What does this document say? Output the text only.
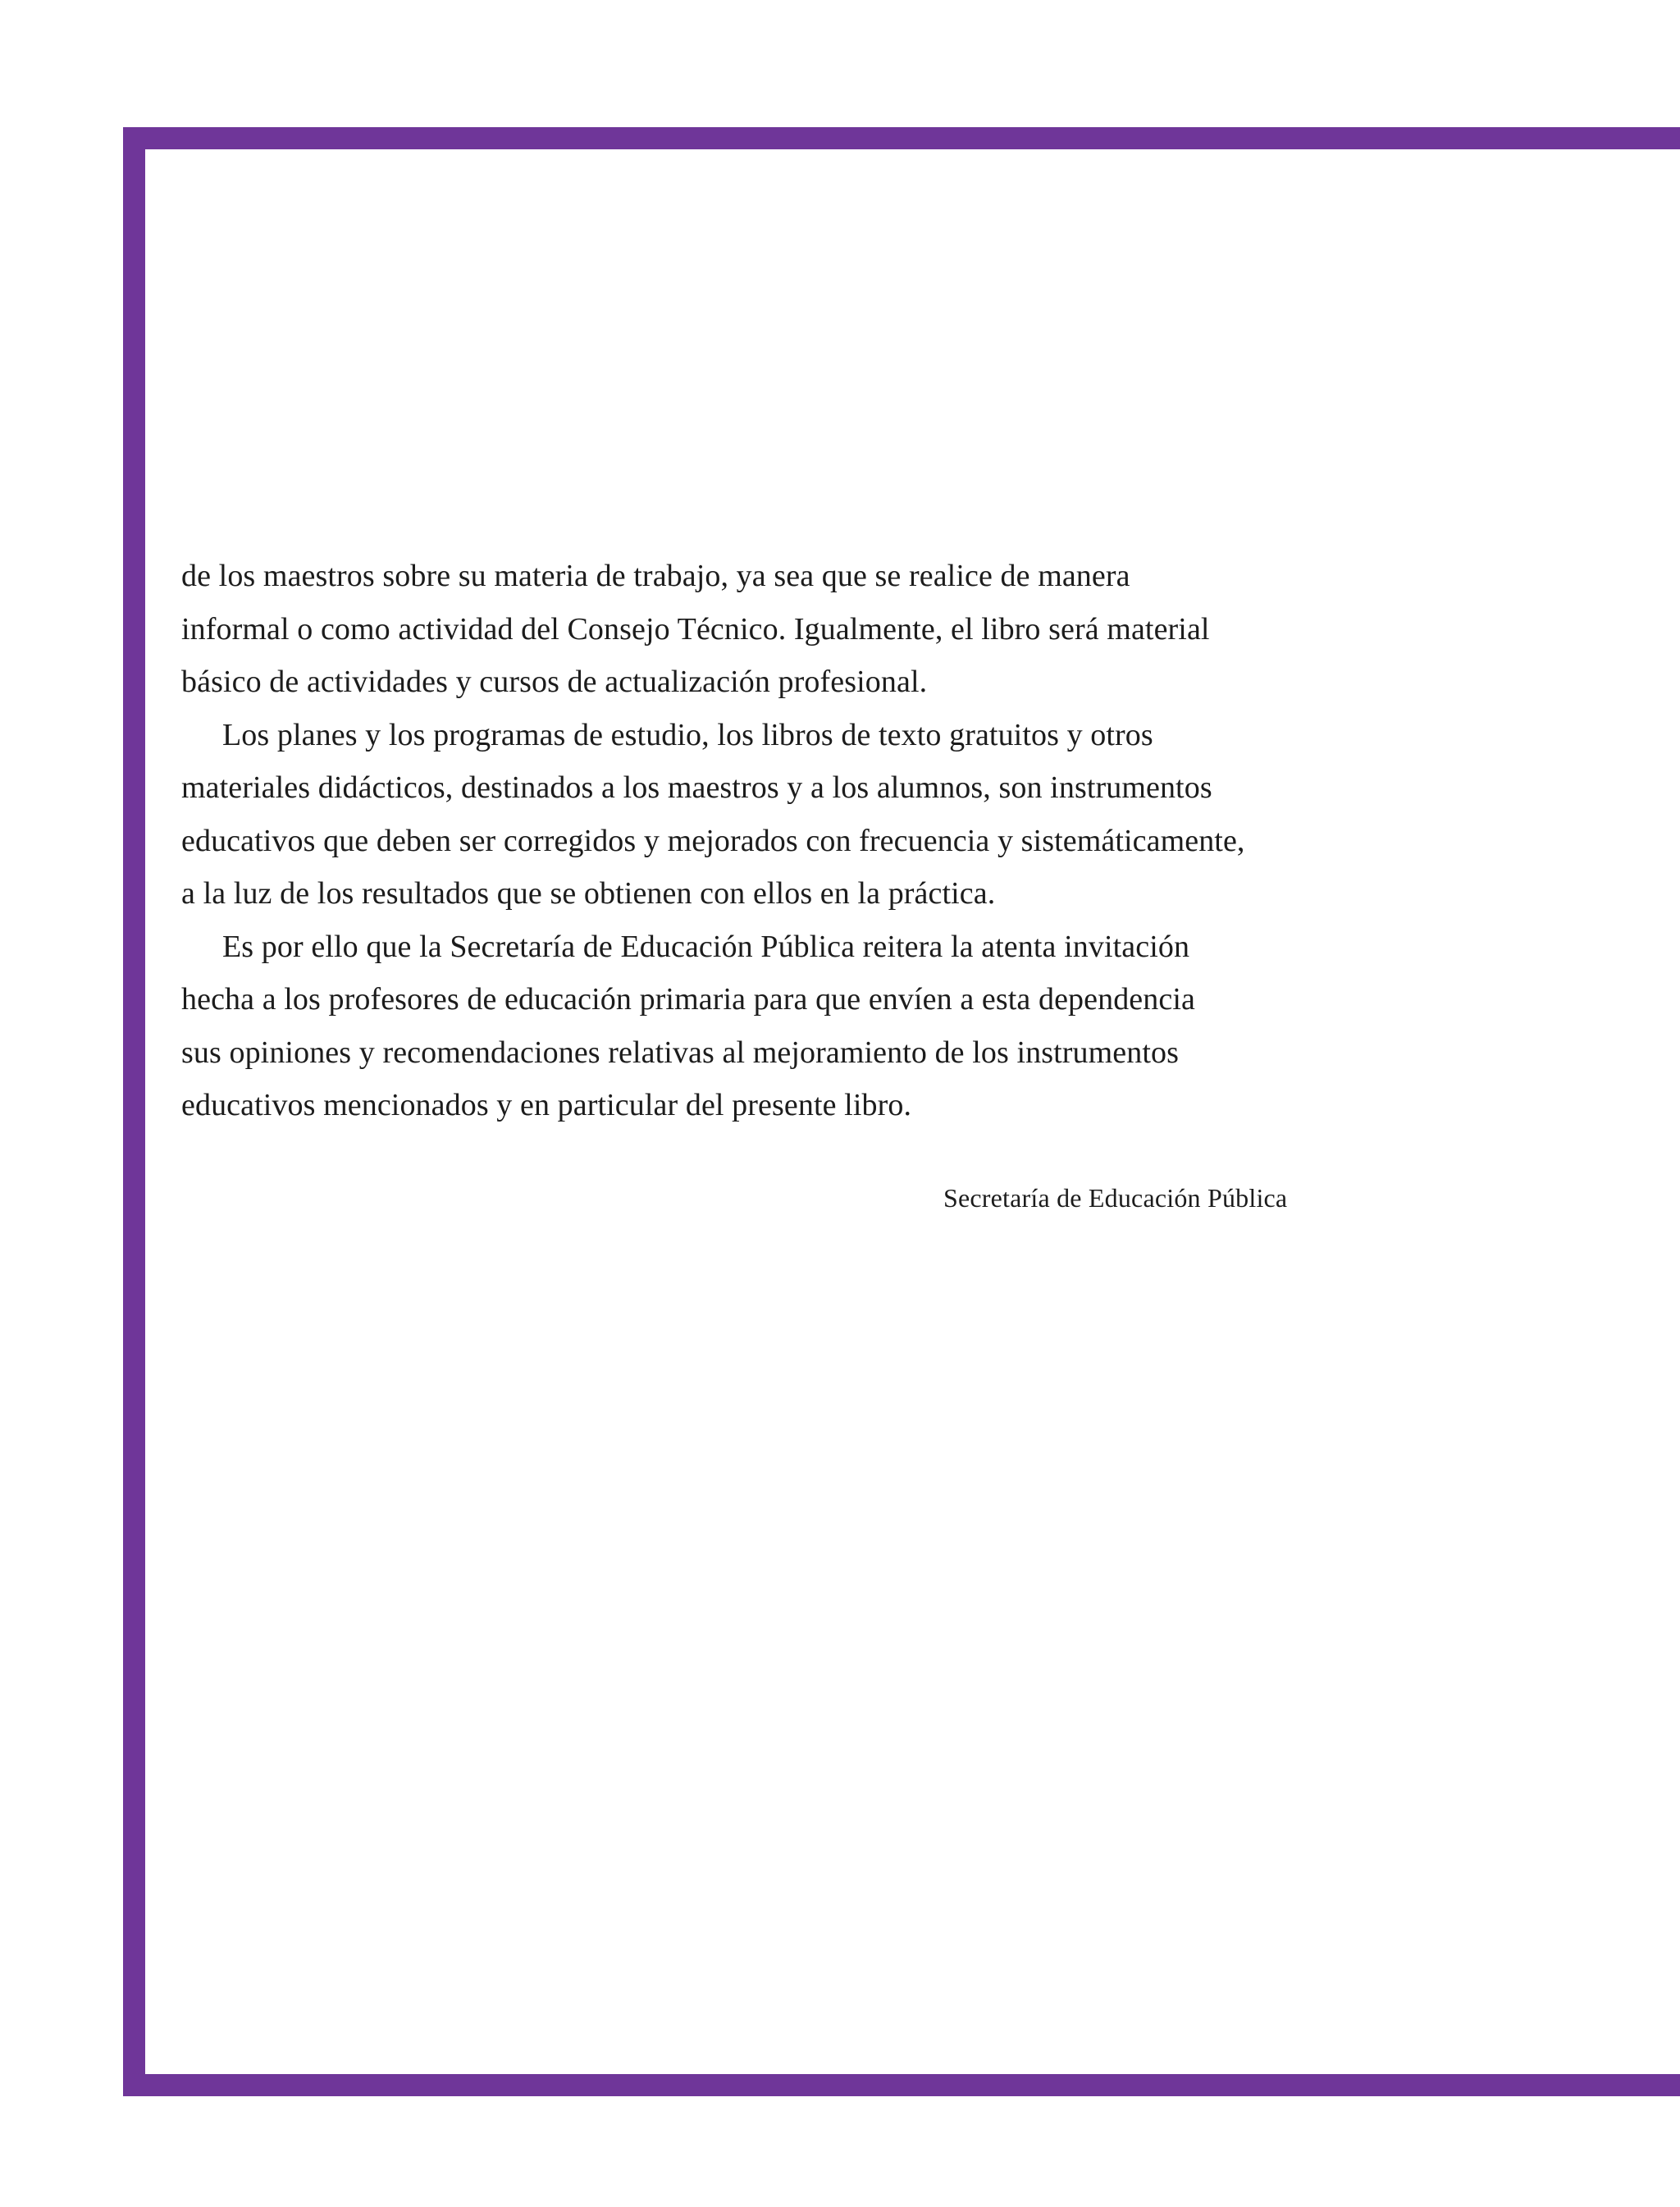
de los maestros sobre su materia de trabajo, ya sea que se realice de manera
informal o como actividad del Consejo Técnico. Igualmente, el libro será material
básico de actividades y cursos de actualización profesional.

Los planes y los programas de estudio, los libros de texto gratuitos y otros
materiales didácticos, destinados a los maestros y a los alumnos, son instrumentos
educativos que deben ser corregidos y mejorados con frecuencia y sistemáticamente,
a la luz de los resultados que se obtienen con ellos en la práctica.

Es por ello que la Secretaría de Educación Pública reitera la atenta invitación
hecha a los profesores de educación primaria para que envíen a esta dependencia
sus opiniones y recomendaciones relativas al mejoramiento de los instrumentos
educativos mencionados y en particular del presente libro.

Secretaría de Educación Pública
